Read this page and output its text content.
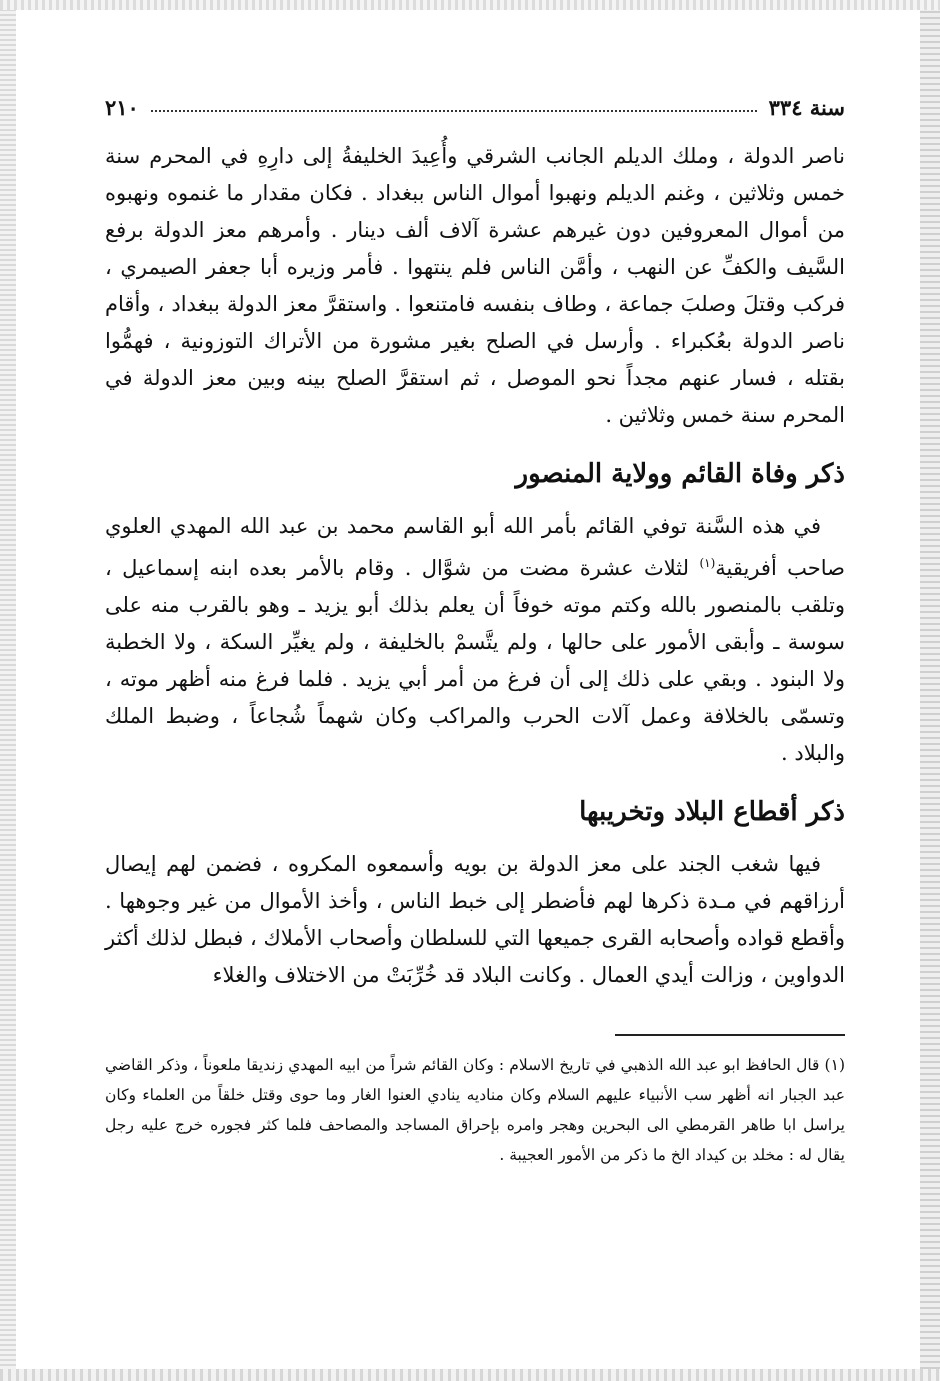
سنة ٣٣٤
٢١٠

ناصر الدولة ، وملك الديلم الجانب الشرقي وأُعِيدَ الخليفةُ إلى دارِهِ في المحرم سنة خمس وثلاثين ، وغنم الديلم ونهبوا أموال الناس ببغداد . فكان مقدار ما غنموه ونهبوه من أموال المعروفين دون غيرهم عشرة آلاف ألف دينار . وأمرهم معز الدولة برفع السَّيف والكفِّ عن النهب ، وأمَّن الناس فلم ينتهوا . فأمر وزيره أبا جعفر الصيمري ، فركب وقتلَ وصلبَ جماعة ، وطاف بنفسه فامتنعوا . واستقرَّ معز الدولة ببغداد ، وأقام ناصر الدولة بعُكبراء . وأرسل في الصلح بغير مشورة من الأتراك التوزونية ، فهمُّوا بقتله ، فسار عنهم مجداً نحو الموصل ، ثم استقرَّ الصلح بينه وبين معز الدولة في المحرم سنة خمس وثلاثين .

ذكر وفاة القائم وولاية المنصور

في هذه السَّنة توفي القائم بأمر الله أبو القاسم محمد بن عبد الله المهدي العلوي صاحب أفريقية$^{(١)}$ لثلاث عشرة مضت من شوَّال . وقام بالأمر بعده ابنه إسماعيل ، وتلقب بالمنصور بالله وكتم موته خوفاً أن يعلم بذلك أبو يزيد ـ وهو بالقرب منه على سوسة ـ وأبقى الأمور على حالها ، ولم يتَّسمْ بالخليفة ، ولم يغيِّر السكة ، ولا الخطبة ولا البنود . وبقي على ذلك إلى أن فرغ من أمر أبي يزيد . فلما فرغ منه أظهر موته ، وتسمّى بالخلافة وعمل آلات الحرب والمراكب وكان شهماً شُجاعاً ، وضبط الملك والبلاد .

ذكر أقطاع البلاد وتخريبها

فيها شغب الجند على معز الدولة بن بويه وأسمعوه المكروه ، فضمن لهم إيصال أرزاقهم في مـدة ذكرها لهم فأضطر إلى خبط الناس ، وأخذ الأموال من غير وجوهها . وأقطع قواده وأصحابه القرى جميعها التي للسلطان وأصحاب الأملاك ، فبطل لذلك أكثر الدواوين ، وزالت أيدي العمال . وكانت البلاد قد خُرِّبَتْ من الاختلاف والغلاء

(١) قال الحافظ ابو عبد الله الذهبي في تاريخ الاسلام : وكان القائم شراً من ابيه المهدي زنديقا ملعوناً ، وذكر القاضي عبد الجبار انه أظهر سب الأنبياء عليهم السلام وكان مناديه ينادي العنوا الغار وما حوى وقتل خلقاً من العلماء وكان يراسل ابا طاهر القرمطي الى البحرين وهجر وامره بإحراق المساجد والمصاحف فلما كثر فجوره خرج عليه رجل يقال له : مخلد بن كيداد الخ ما ذكر من الأمور العجيبة .
